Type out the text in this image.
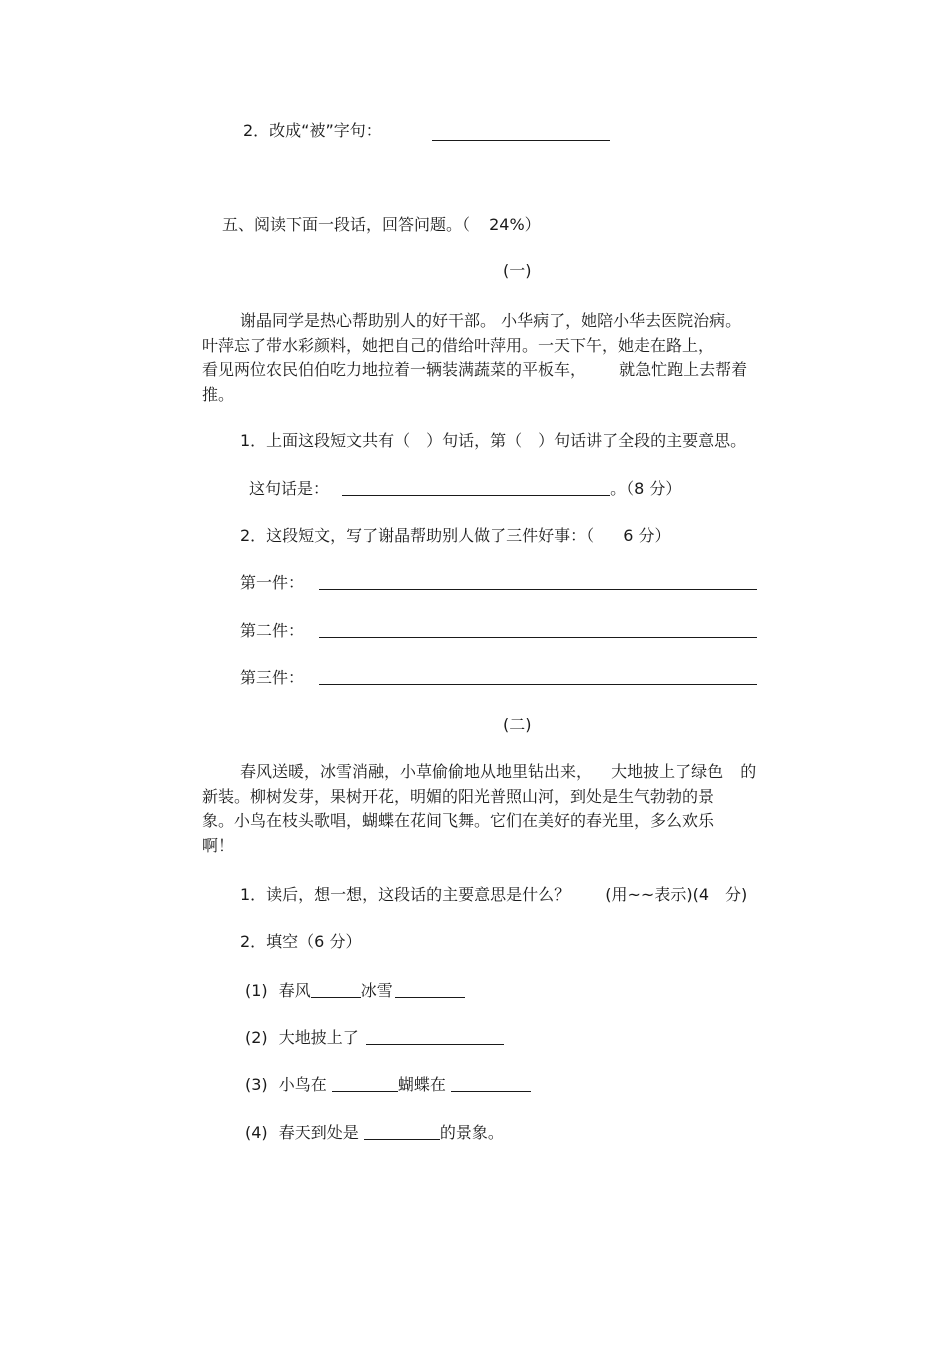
2．改成“被”字句：
五、阅读下面一段话，回答问题。（ 24%）
(一)

谢晶同学是热心帮助别人的好干部。 小华病了，她陪小华去医院治病。

叶萍忘了带水彩颜料，她把自己的借给叶萍用。一天下午，她走在路上，

看见两位农民伯伯吃力地拉着一辆装满蔬菜的平板车， 就急忙跑上去帮着

推。

1．上面这段短文共有（　）句话，第（　）句话讲了全段的主要意思。
这句话是：	。（8 分）
2．这段短文，写了谢晶帮助别人做了三件好事：（ 6 分）
第一件：
第二件：
第三件：
(二)

春风送暖，冰雪消融，小草偷偷地从地里钻出来， 大地披上了绿色 的

新装。柳树发芽，果树开花，明媚的阳光普照山河，到处是生气勃勃的景

象。小鸟在枝头歌唱，蝴蝶在花间飞舞。它们在美好的春光里，多么欢乐

啊！

1．读后，想一想，这段话的主要意思是什么？ (用~~表示)(4　分)
2．填空（6 分）
(1) 春风	冰雪
(2) 大地披上了
(3) 小鸟在	蝴蝶在
(4) 春天到处是	的景象。
